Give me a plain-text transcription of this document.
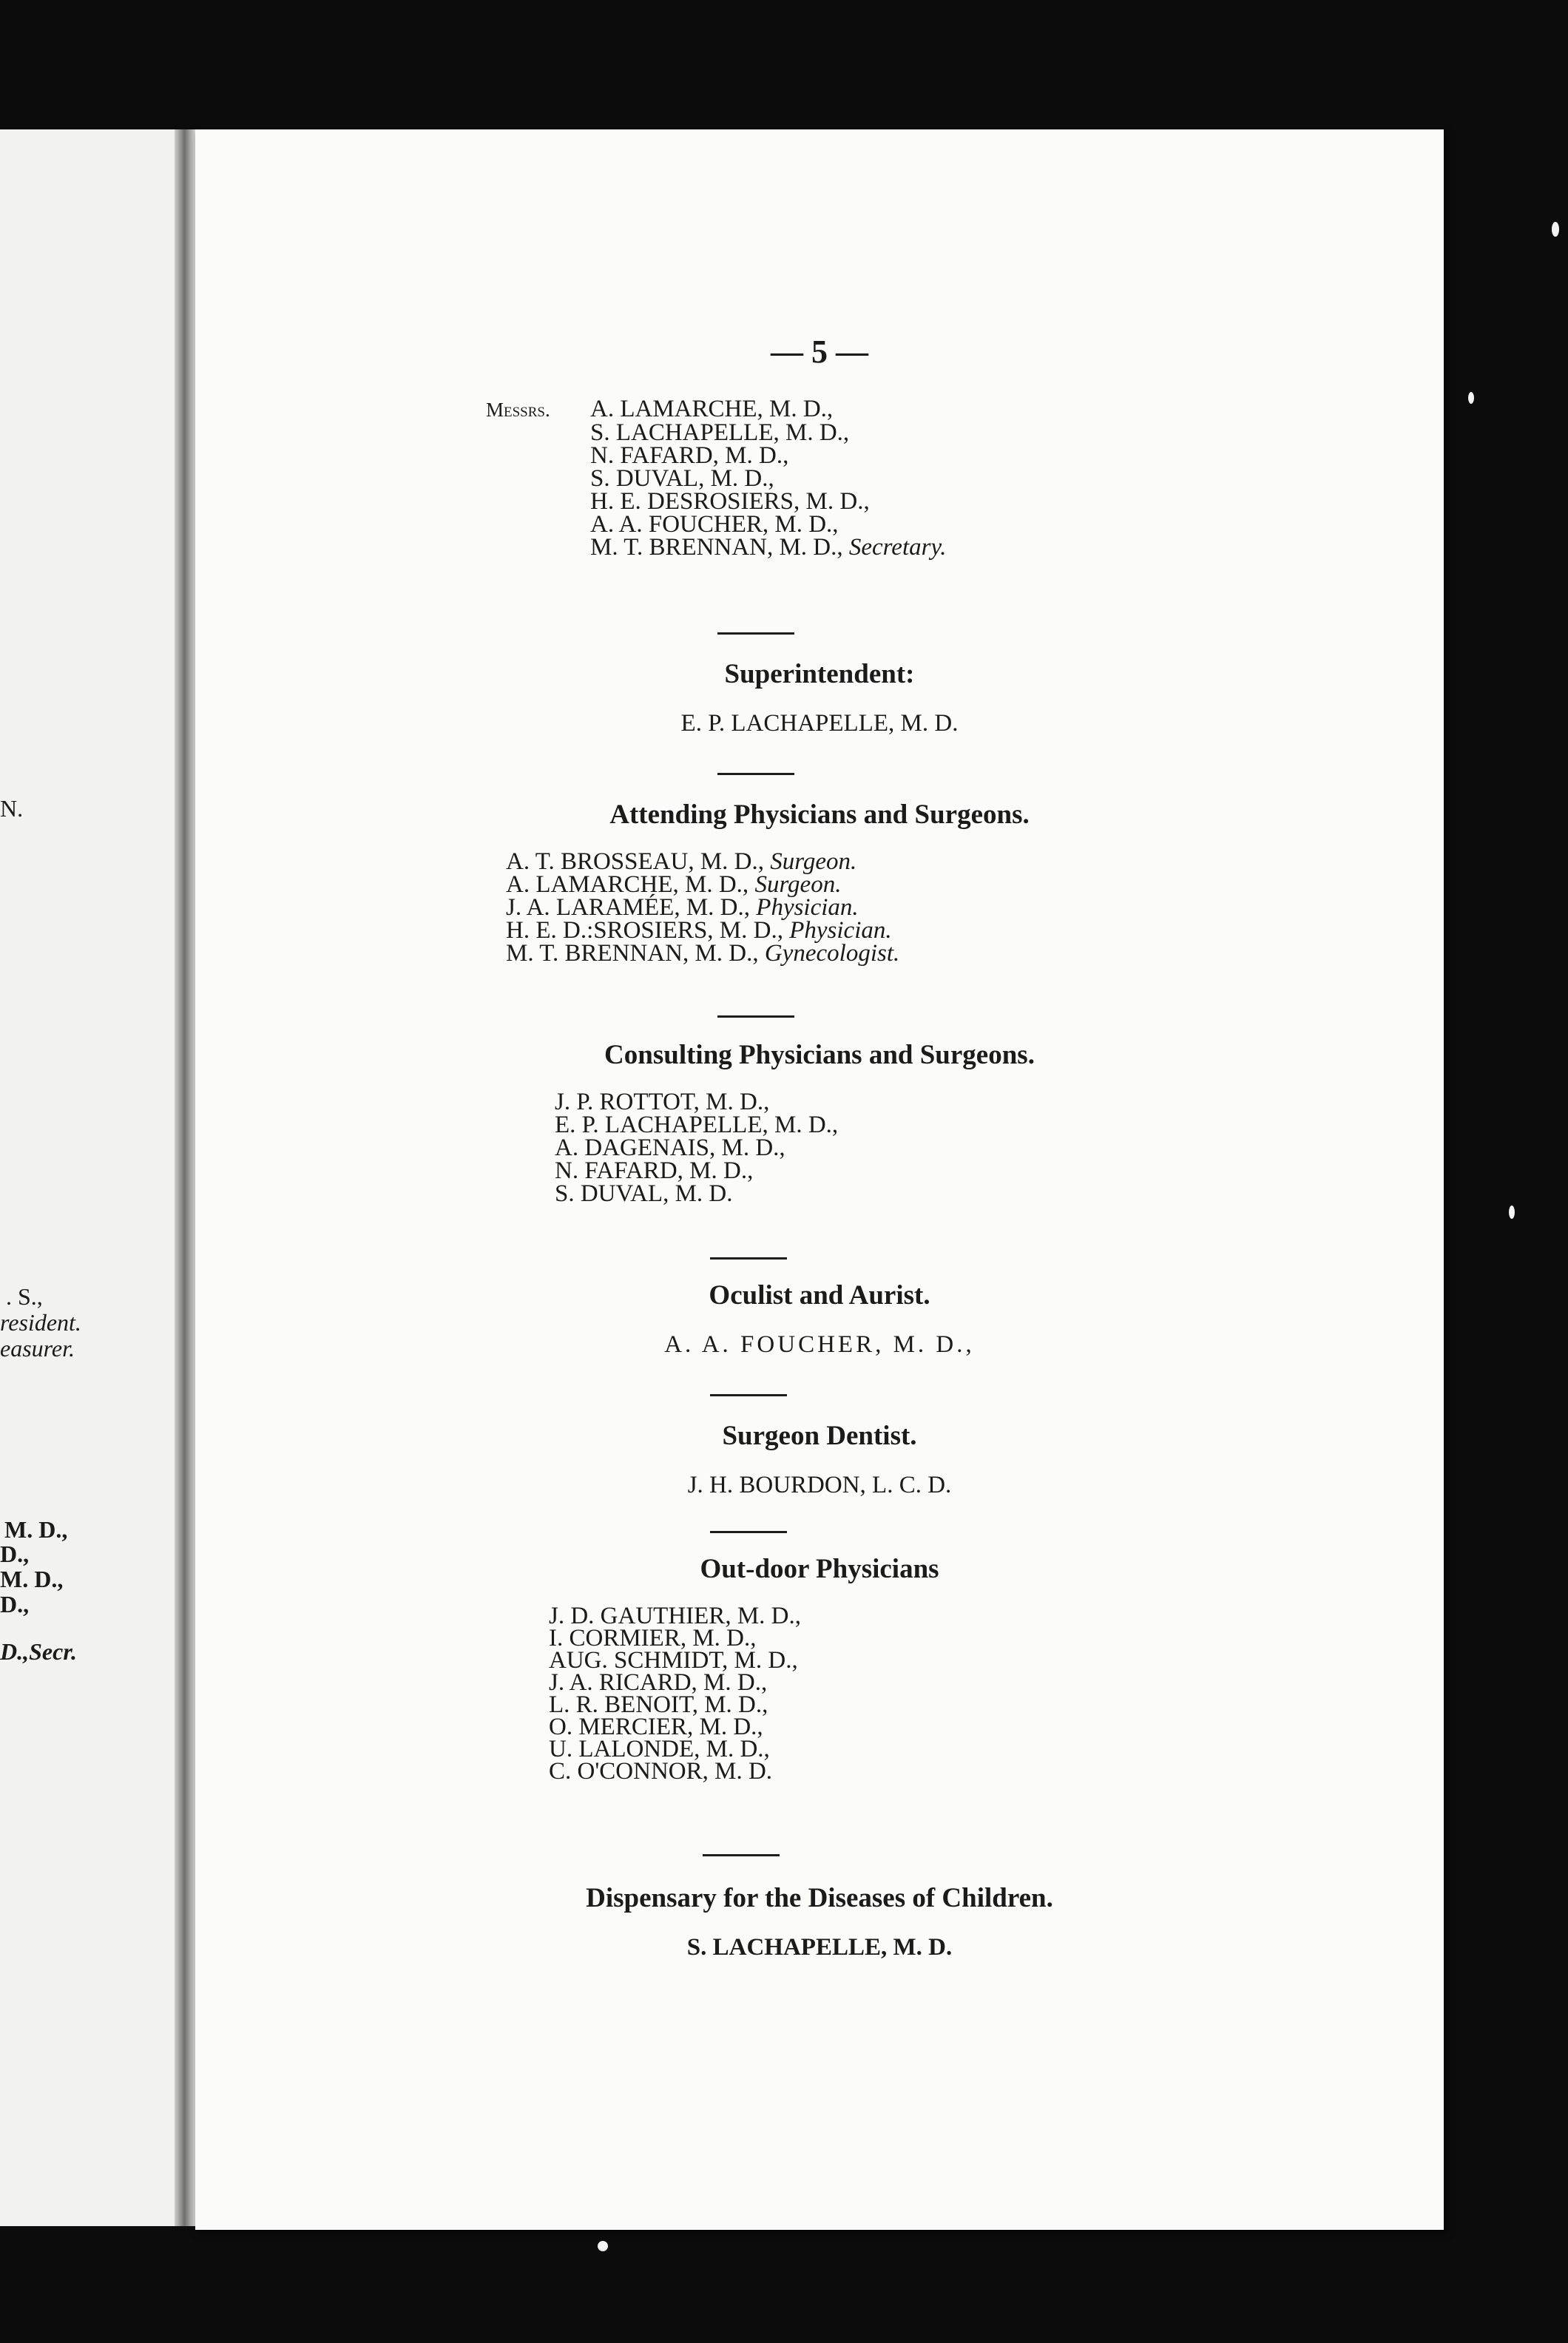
N.
. S.,
resident.
easurer.
M. D.,
D.,
M. D.,
D.,
D.,Secr.
— 5 —
Messrs. A. LAMARCHE, M. D.,
S. LACHAPELLE, M. D.,
N. FAFARD, M. D.,
S. DUVAL, M. D.,
H. E. DESROSIERS, M. D.,
A. A. FOUCHER, M. D.,
M. T. BRENNAN, M. D., Secretary.
Superintendent:
E. P. LACHAPELLE, M. D.
Attending Physicians and Surgeons.
A. T. BROSSEAU, M. D., Surgeon.
A. LAMARCHE, M. D., Surgeon.
J. A. LARAMÉE, M. D., Physician.
H. E. D.:SROSIERS, M. D., Physician.
M. T. BRENNAN, M. D., Gynecologist.
Consulting Physicians and Surgeons.
J. P. ROTTOT, M. D.,
E. P. LACHAPELLE, M. D.,
A. DAGENAIS, M. D.,
N. FAFARD, M. D.,
S. DUVAL, M. D.
Oculist and Aurist.
A. A. FOUCHER, M. D.,
Surgeon Dentist.
J. H. BOURDON, L. C. D.
Out-door Physicians
J. D. GAUTHIER, M. D.,
I. CORMIER, M. D.,
AUG. SCHMIDT, M. D.,
J. A. RICARD, M. D.,
L. R. BENOIT, M. D.,
O. MERCIER, M. D.,
U. LALONDE, M. D.,
C. O'CONNOR, M. D.
Dispensary for the Diseases of Children.
S. LACHAPELLE, M. D.
